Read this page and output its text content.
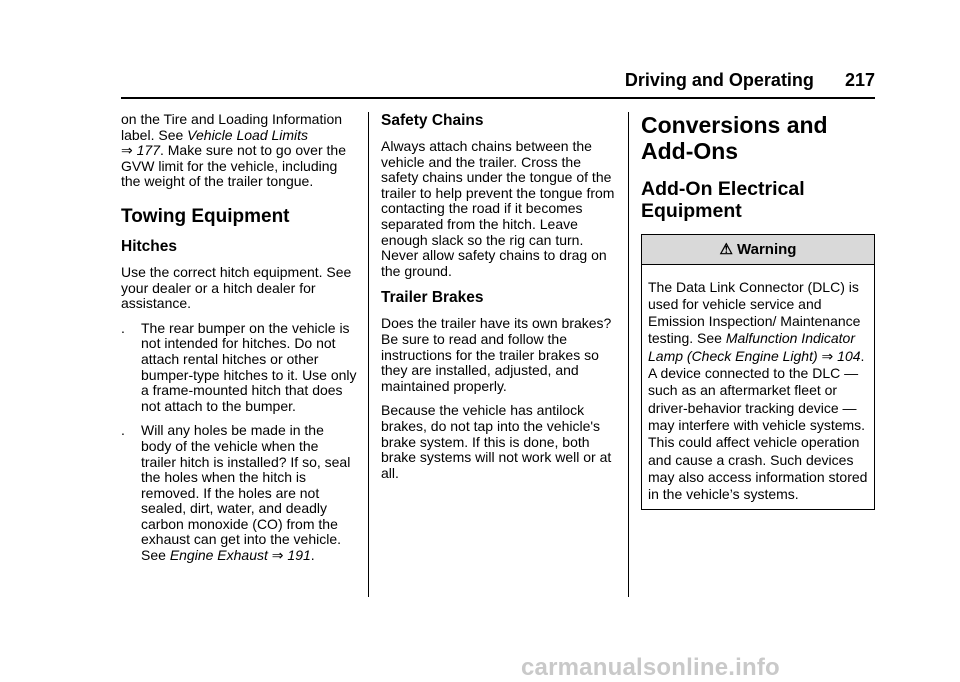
Driving and Operating 217

on the Tire and Loading Information label. See Vehicle Load Limits
⇒ 177. Make sure not to go over the GVW limit for the vehicle, including the weight of the trailer tongue.

Towing Equipment
Hitches

Use the correct hitch equipment. See your dealer or a hitch dealer for assistance.

.	The rear bumper on the vehicle is not intended for hitches. Do not attach rental hitches or other bumper-type hitches to it. Use only a frame-mounted hitch that does not attach to the bumper.
.	Will any holes be made in the body of the vehicle when the trailer hitch is installed? If so, seal the holes when the hitch is removed. If the holes are not sealed, dirt, water, and deadly carbon monoxide (CO) from the exhaust can get into the vehicle. See Engine Exhaust ⇒ 191.
Safety Chains

Always attach chains between the vehicle and the trailer. Cross the safety chains under the tongue of the trailer to help prevent the tongue from contacting the road if it becomes separated from the hitch. Leave enough slack so the rig can turn. Never allow safety chains to drag on the ground.

Trailer Brakes

Does the trailer have its own brakes? Be sure to read and follow the instructions for the trailer brakes so they are installed, adjusted, and maintained properly.

Because the vehicle has antilock brakes, do not tap into the vehicle's brake system. If this is done, both brake systems will not work well or at all.

Conversions and Add-Ons
Add-On Electrical Equipment
⚠ Warning

The Data Link Connector (DLC) is used for vehicle service and Emission Inspection/ Maintenance testing. See Malfunction Indicator Lamp (Check Engine Light) ⇒ 104. A device connected to the DLC — such as an aftermarket fleet or driver-behavior tracking device — may interfere with vehicle systems. This could affect vehicle operation and cause a crash. Such devices may also access information stored in the vehicle’s systems.

carmanualsonline.info
